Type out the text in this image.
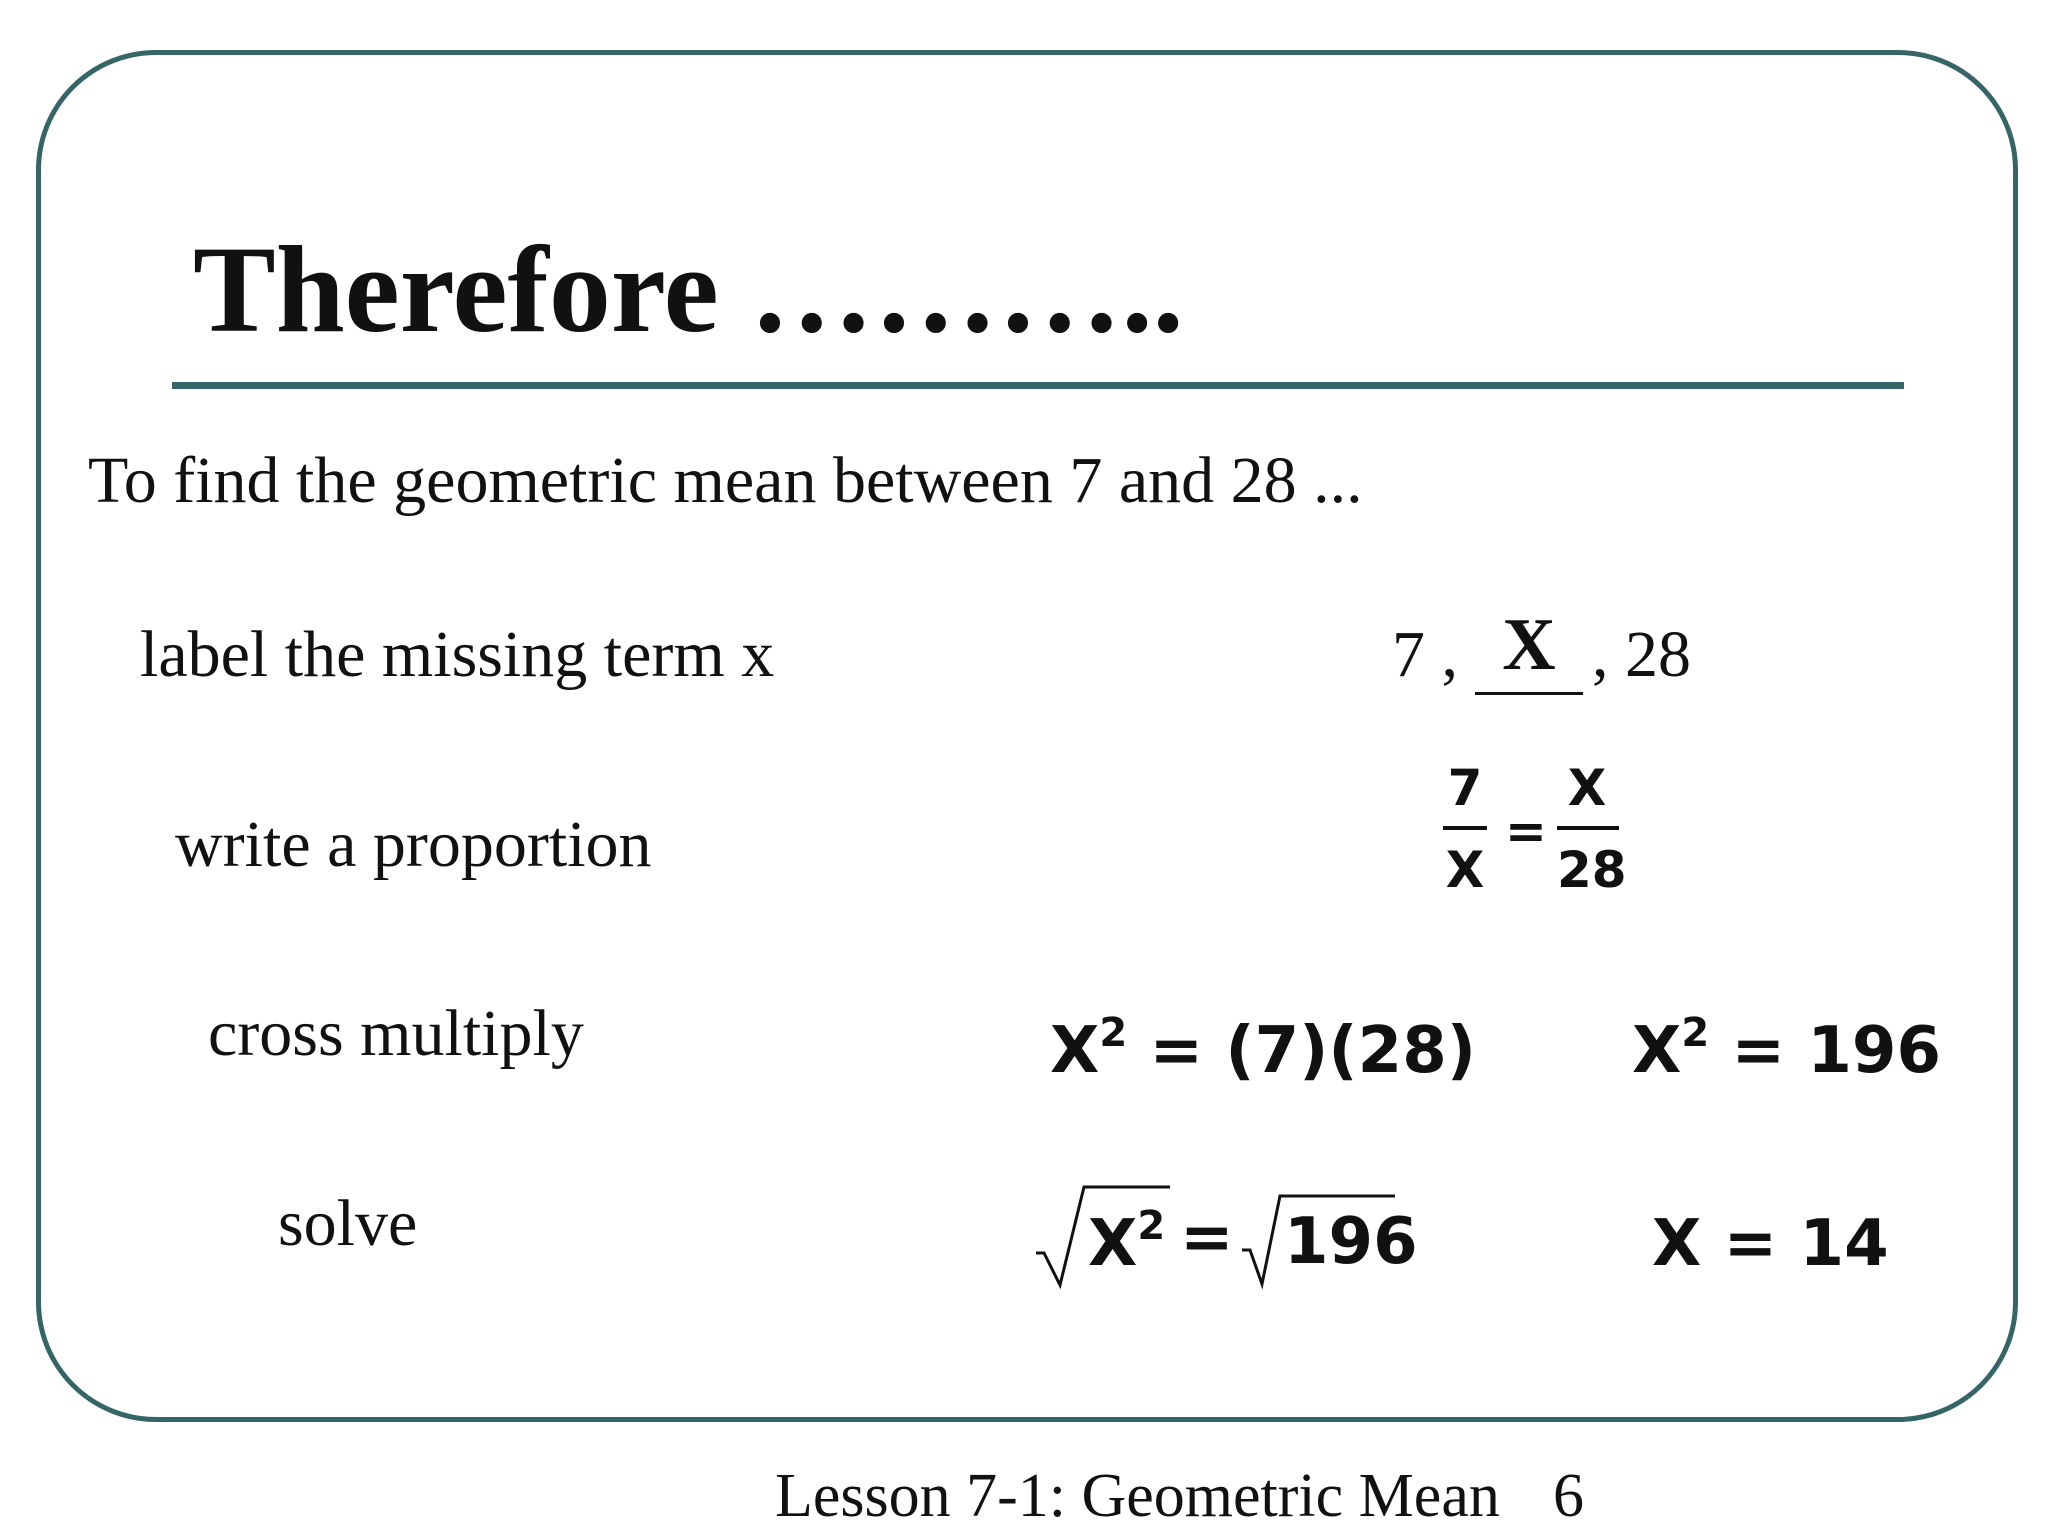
Therefore ………..
To find the geometric mean between 7 and 28 ...
label the missing term x
write a proportion
cross multiply
solve
7 , X , 28
7
X
=
X
28
$X^2 = (7)(28) X^2 = 196$
$X^2 = 196$	X = 14
Lesson 7-1: Geometric Mean 6
